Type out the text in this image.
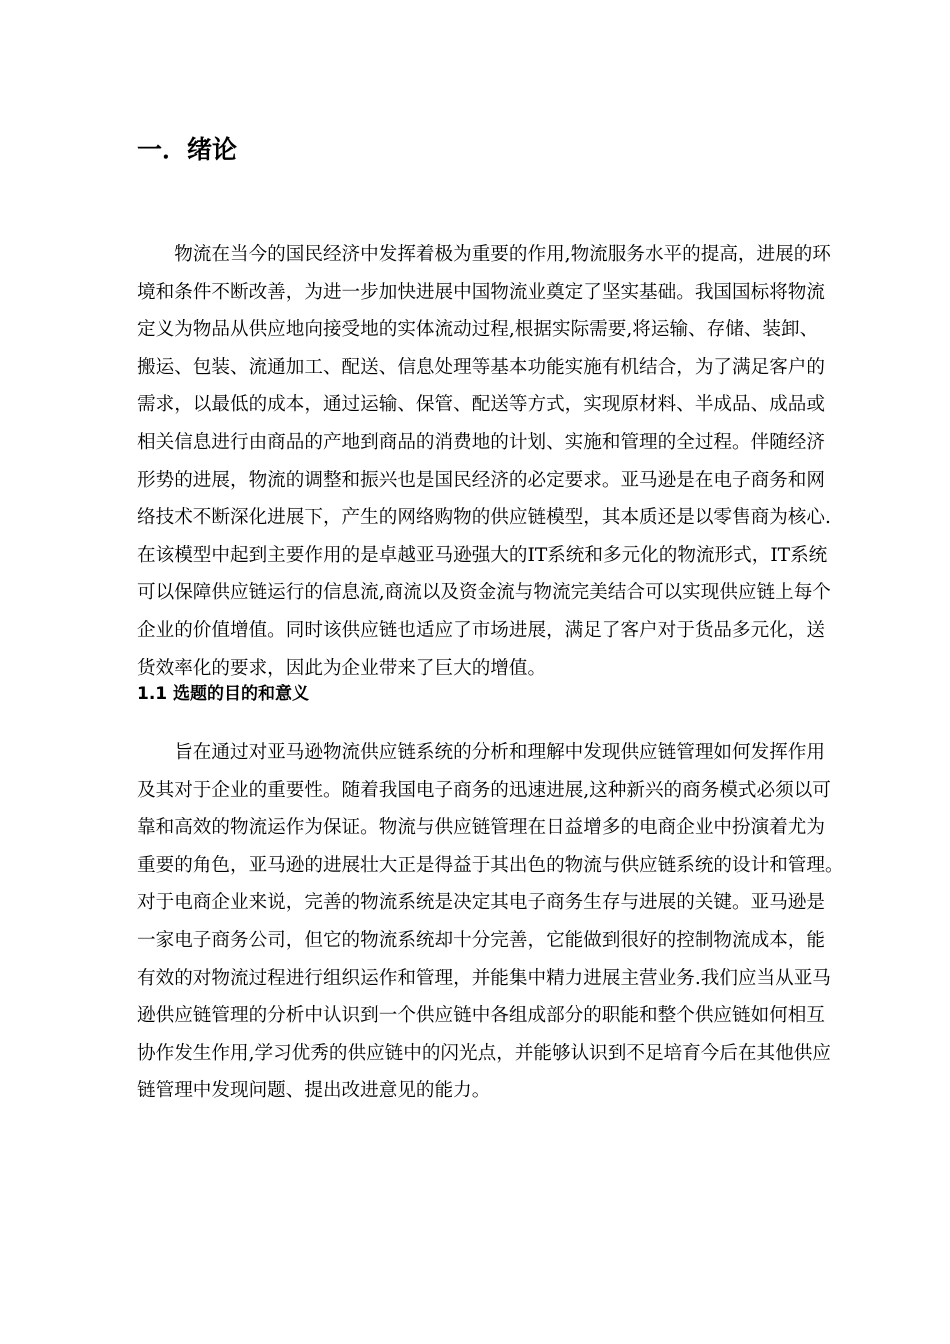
一．绪论
　　物流在当今的国民经济中发挥着极为重要的作用,物流服务水平的提高，进展的环
境和条件不断改善，为进一步加快进展中国物流业奠定了坚实基础。我国国标将物流
定义为物品从供应地向接受地的实体流动过程,根据实际需要,将运输、存储、装卸、
搬运、包装、流通加工、配送、信息处理等基本功能实施有机结合，为了满足客户的
需求，以最低的成本，通过运输、保管、配送等方式，实现原材料、半成品、成品或
相关信息进行由商品的产地到商品的消费地的计划、实施和管理的全过程。伴随经济
形势的进展，物流的调整和振兴也是国民经济的必定要求。亚马逊是在电子商务和网
络技术不断深化进展下，产生的网络购物的供应链模型，其本质还是以零售商为核心.
在该模型中起到主要作用的是卓越亚马逊强大的IT系统和多元化的物流形式，IT系统
可以保障供应链运行的信息流,商流以及资金流与物流完美结合可以实现供应链上每个
企业的价值增值。同时该供应链也适应了市场进展，满足了客户对于货品多元化，送
货效率化的要求，因此为企业带来了巨大的增值。
1.1 选题的目的和意义
　　旨在通过对亚马逊物流供应链系统的分析和理解中发现供应链管理如何发挥作用
及其对于企业的重要性。随着我国电子商务的迅速进展,这种新兴的商务模式必须以可
靠和高效的物流运作为保证。物流与供应链管理在日益增多的电商企业中扮演着尤为
重要的角色，亚马逊的进展壮大正是得益于其出色的物流与供应链系统的设计和管理。
对于电商企业来说，完善的物流系统是决定其电子商务生存与进展的关键。亚马逊是
一家电子商务公司，但它的物流系统却十分完善，它能做到很好的控制物流成本，能
有效的对物流过程进行组织运作和管理，并能集中精力进展主营业务.我们应当从亚马
逊供应链管理的分析中认识到一个供应链中各组成部分的职能和整个供应链如何相互
协作发生作用,学习优秀的供应链中的闪光点，并能够认识到不足培育今后在其他供应
链管理中发现问题、提出改进意见的能力。
